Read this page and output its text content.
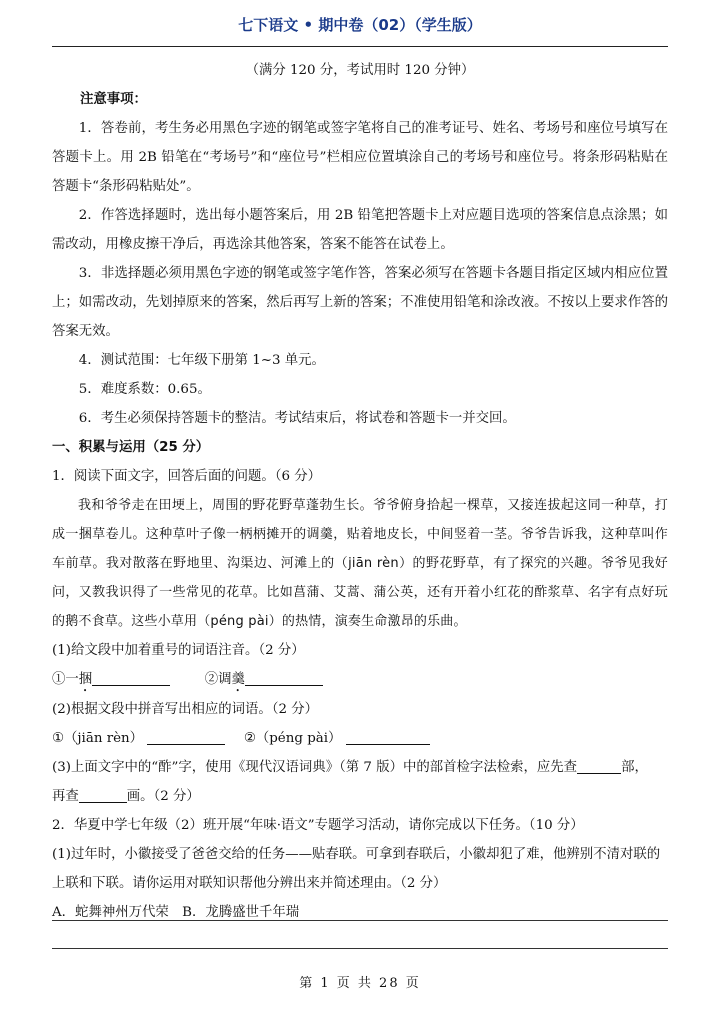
七下语文 • 期中卷（02）（学生版）
（满分 120 分，考试用时 120 分钟）
注意事项：
1．答卷前，考生务必用黑色字迹的钢笔或签字笔将自己的准考证号、姓名、考场号和座位号填写在答题卡上。用 2B 铅笔在“考场号”和“座位号”栏相应位置填涂自己的考场号和座位号。将条形码粘贴在答题卡“条形码粘贴处”。
2．作答选择题时，选出每小题答案后，用 2B 铅笔把答题卡上对应题目选项的答案信息点涂黑；如需改动，用橡皮擦干净后，再选涂其他答案，答案不能答在试卷上。
3．非选择题必须用黑色字迹的钢笔或签字笔作答，答案必须写在答题卡各题目指定区域内相应位置上；如需改动，先划掉原来的答案，然后再写上新的答案；不准使用铅笔和涂改液。不按以上要求作答的答案无效。
4．测试范围：七年级下册第 1~3 单元。
5．难度系数：0.65。
6．考生必须保持答题卡的整洁。考试结束后，将试卷和答题卡一并交回。
一、积累与运用（25 分）
1．阅读下面文字，回答后面的问题。（6 分）
我和爷爷走在田埂上，周围的野花野草蓬勃生长。爷爷俯身拾起一棵草，又接连拔起这同一种草，打成一捆草卷儿。这种草叶子像一柄柄摊开的调羹，贴着地皮长，中间竖着一茎。爷爷告诉我，这种草叫作车前草。我对散落在野地里、沟渠边、河滩上的（jiān rèn）的野花野草，有了探究的兴趣。爷爷见我好问，又教我识得了一些常见的花草。比如菖蒲、艾蒿、蒲公英，还有开着小红花的酢浆草、名字有点好玩的鹅不食草。这些小草用（péng pài）的热情，演奏生命激昂的乐曲。
(1)给文段中加着重号的词语注音。（2 分）
①一捆	②调羹
(2)根据文段中拼音写出相应的词语。（2 分）
①（jiān rèn）	②（péng pài）
(3)上面文字中的“酢”字，使用《现代汉语词典》（第 7 版）中的部首检字法检索，应先查	部，
再查	画。（2 分）
2．华夏中学七年级（2）班开展“年味·语文”专题学习活动，请你完成以下任务。（10 分）
(1)过年时，小徽接受了爸爸交给的任务——贴春联。可拿到春联后，小徽却犯了难，他辨别不清对联的上联和下联。请你运用对联知识帮他分辨出来并简述理由。（2 分）
A．蛇舞神州万代荣　B．龙腾盛世千年瑞
第 1 页 共 28 页
